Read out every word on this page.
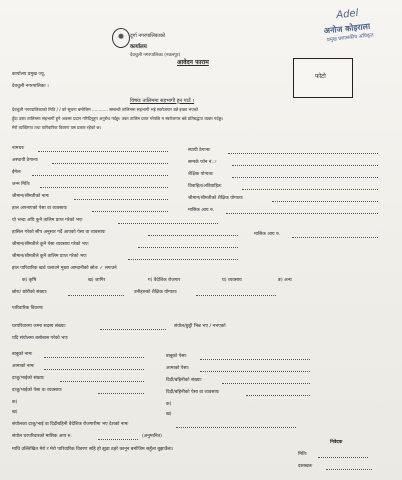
दूर्गा नगरपालिकाको
कार्यालय
देवचुली नगरपालिका (नवलपुर)
आवेदन फाराम
Adel
अनोज कोइराला
प्रमुख प्रशासकीय अधिकृत
फोटो
कार्यालय प्रमुख ज्यू,
देवचुली नगरपालिका ।
विषयः तालिममा सहभागी हुन पाउँ ।
देवचुली नगरपालिकाको मिति / / को सूचना बमोजिम ............ सम्बन्धी तालिममा सहभागी भई स्वरोजगार बन्ने इच्छा भएको
हुँदा उक्त तालिममा सहभागी हुने अवसर प्रदान गरिदिनुहुन अनुरोध गर्दछु। उक्त तालिम प्राप्त गरेपछि म स्वरोजगार बन्ने प्रतिबद्धता व्यक्त गर्दछु।
मेरो व्यक्तिगत तथा पारिवारिक विवरण यस प्रकार रहेको छ।
नामथरः	स्थायी ठेगानाः
अस्थायी ठेगानाः	सम्पर्क फोन नं.ः
ईमेलः	शैक्षिक योग्यताः
जन्म मितिः	विवाहित/अविवाहितः
श्रीमान/श्रीमतीको नामः	श्रीमान/श्रीमतीको शैक्षिक योग्यताः
हाल अपनाएको पेसा वा व्यवसायः	मासिक आय रु.
यो भन्दा अघि कुनै तालिम प्राप्त गरेको भएः
हासिल गरेको सीप अनुसार गर्दै आएको पेसा वा व्यवसायः	मासिक आय रु.
श्रीमान/श्रीमतीले कुनै पेसा व्यवसाय गरेको भएः
श्रीमान/श्रीमतीले कुनै तालिम प्राप्त गरेको भएः
हाल पारिवारिक खर्च चलाउने मुख्य आम्दानीको स्रोतः ✓ लगाउने
क) कृषि	ख) जागिर	ग) वैदेशिक रोजगार	घ) व्यवसाय	ङ) अन्य
छोरा/ छोरीको संख्याः	उनीहरुको शैक्षिक योग्यताः
पारिवारिक विवरणः
घरपरिवारमा जम्मा सदस्य संख्याः	संयोल/छुट्टी भिन्न भए / नभएको
यदि संयोलमा बसोबास गरेको भएः
बाबुको नामः	बाबुको पेसाः
आमाको नामः	आमाको पेसाः
दाजु/भाईको संख्याः	दिदी/बहिनीको संख्याः
दाजु/भाईको पेसा वा व्यवसायः	दिदी/बहिनीको पेसा वा व्यवसायः
क)	क)
ख)	ख)
संयोलका दाजु/भाई वा दिदीबहिनी वैदेशिक रोजगारीमा भए देशको नामः
संयोल घरपरिवारको मासिक आय रु.	(अनुमानित)
माथि उल्लिखित मेरो र मेरो पारिवारिक विवरण सहि हो झुठा ठहरे कानून बमोजिम सहुँला बुझाउँला।
निवेदक
मितिः
दस्तखतः
